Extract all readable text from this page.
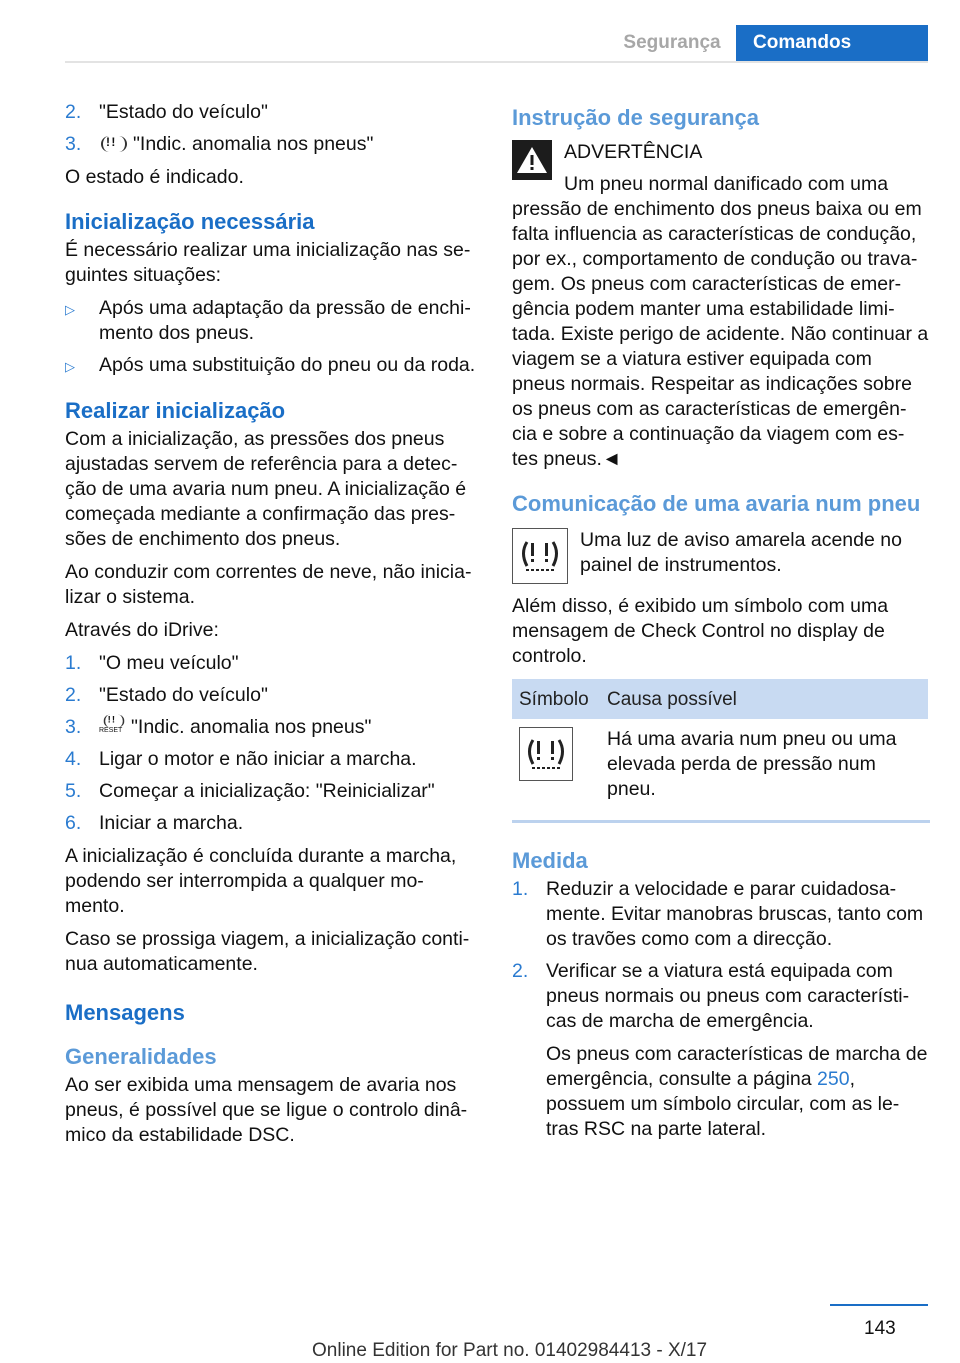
Segurança	Comandos
2. "Estado do veículo"
3. ! !	"Indic. anomalia nos pneus"

O estado é indicado.

Inicialização necessária

É necessário realizar uma inicialização nas se‐guintes situações:

▷	Após uma adaptação da pressão de enchi‐mento dos pneus.
▷	Após uma substituição do pneu ou da roda.
Realizar inicialização

Com a inicialização, as pressões dos pneus ajustadas servem de referência para a detec‐ção de uma avaria num pneu. A inicialização é começada mediante a confirmação das pres‐sões de enchimento dos pneus.

Ao conduzir com correntes de neve, não inicia‐lizar o sistema.

Através do iDrive:

1. "O meu veículo"
2. "Estado do veículo"
3.
! !	RESET "Indic. anomalia nos pneus"
4. Ligar o motor e não iniciar a marcha.
5. Começar a inicialização: "Reinicializar"
6. Iniciar a marcha.

A inicialização é concluída durante a marcha, podendo ser interrompida a qualquer mo‐mento.

Caso se prossiga viagem, a inicialização conti‐nua automaticamente.

Mensagens
Generalidades

Ao ser exibida uma mensagem de avaria nos pneus, é possível que se ligue o controlo dinâ‐mico da estabilidade DSC.

Instrução de segurança
ADVERTÊNCIA
Um pneu normal danificado com uma

pressão de enchimento dos pneus baixa ou em falta influencia as características de condução, por ex., comportamento de condução ou trava‐gem. Os pneus com características de emer‐gência podem manter uma estabilidade limi‐tada. Existe perigo de acidente. Não continuar a viagem se a viatura estiver equipada com pneus normais. Respeitar as indicações sobre os pneus com as características de emergên‐cia e sobre a continuação da viagem com es‐tes pneus.◄

Comunicação de uma avaria num pneu
Uma luz de aviso amarela acende no painel de instrumentos.

Além disso, é exibido um símbolo com uma mensagem de Check Control no display de controlo.

Símbolo	Causa possível

	Há uma avaria num pneu ou uma elevada perda de pressão num pneu.
Medida
1. Reduzir a velocidade e parar cuidadosa‐mente. Evitar manobras bruscas, tanto com os travões como com a direcção.
2. Verificar se a viatura está equipada com pneus normais ou pneus com característi‐cas de marcha de emergência.

Os pneus com características de marcha de emergência, consulte a página 250, possuem um símbolo circular, com as le‐tras RSC na parte lateral.

143
Online Edition for Part no. 01402984413 - X/17
